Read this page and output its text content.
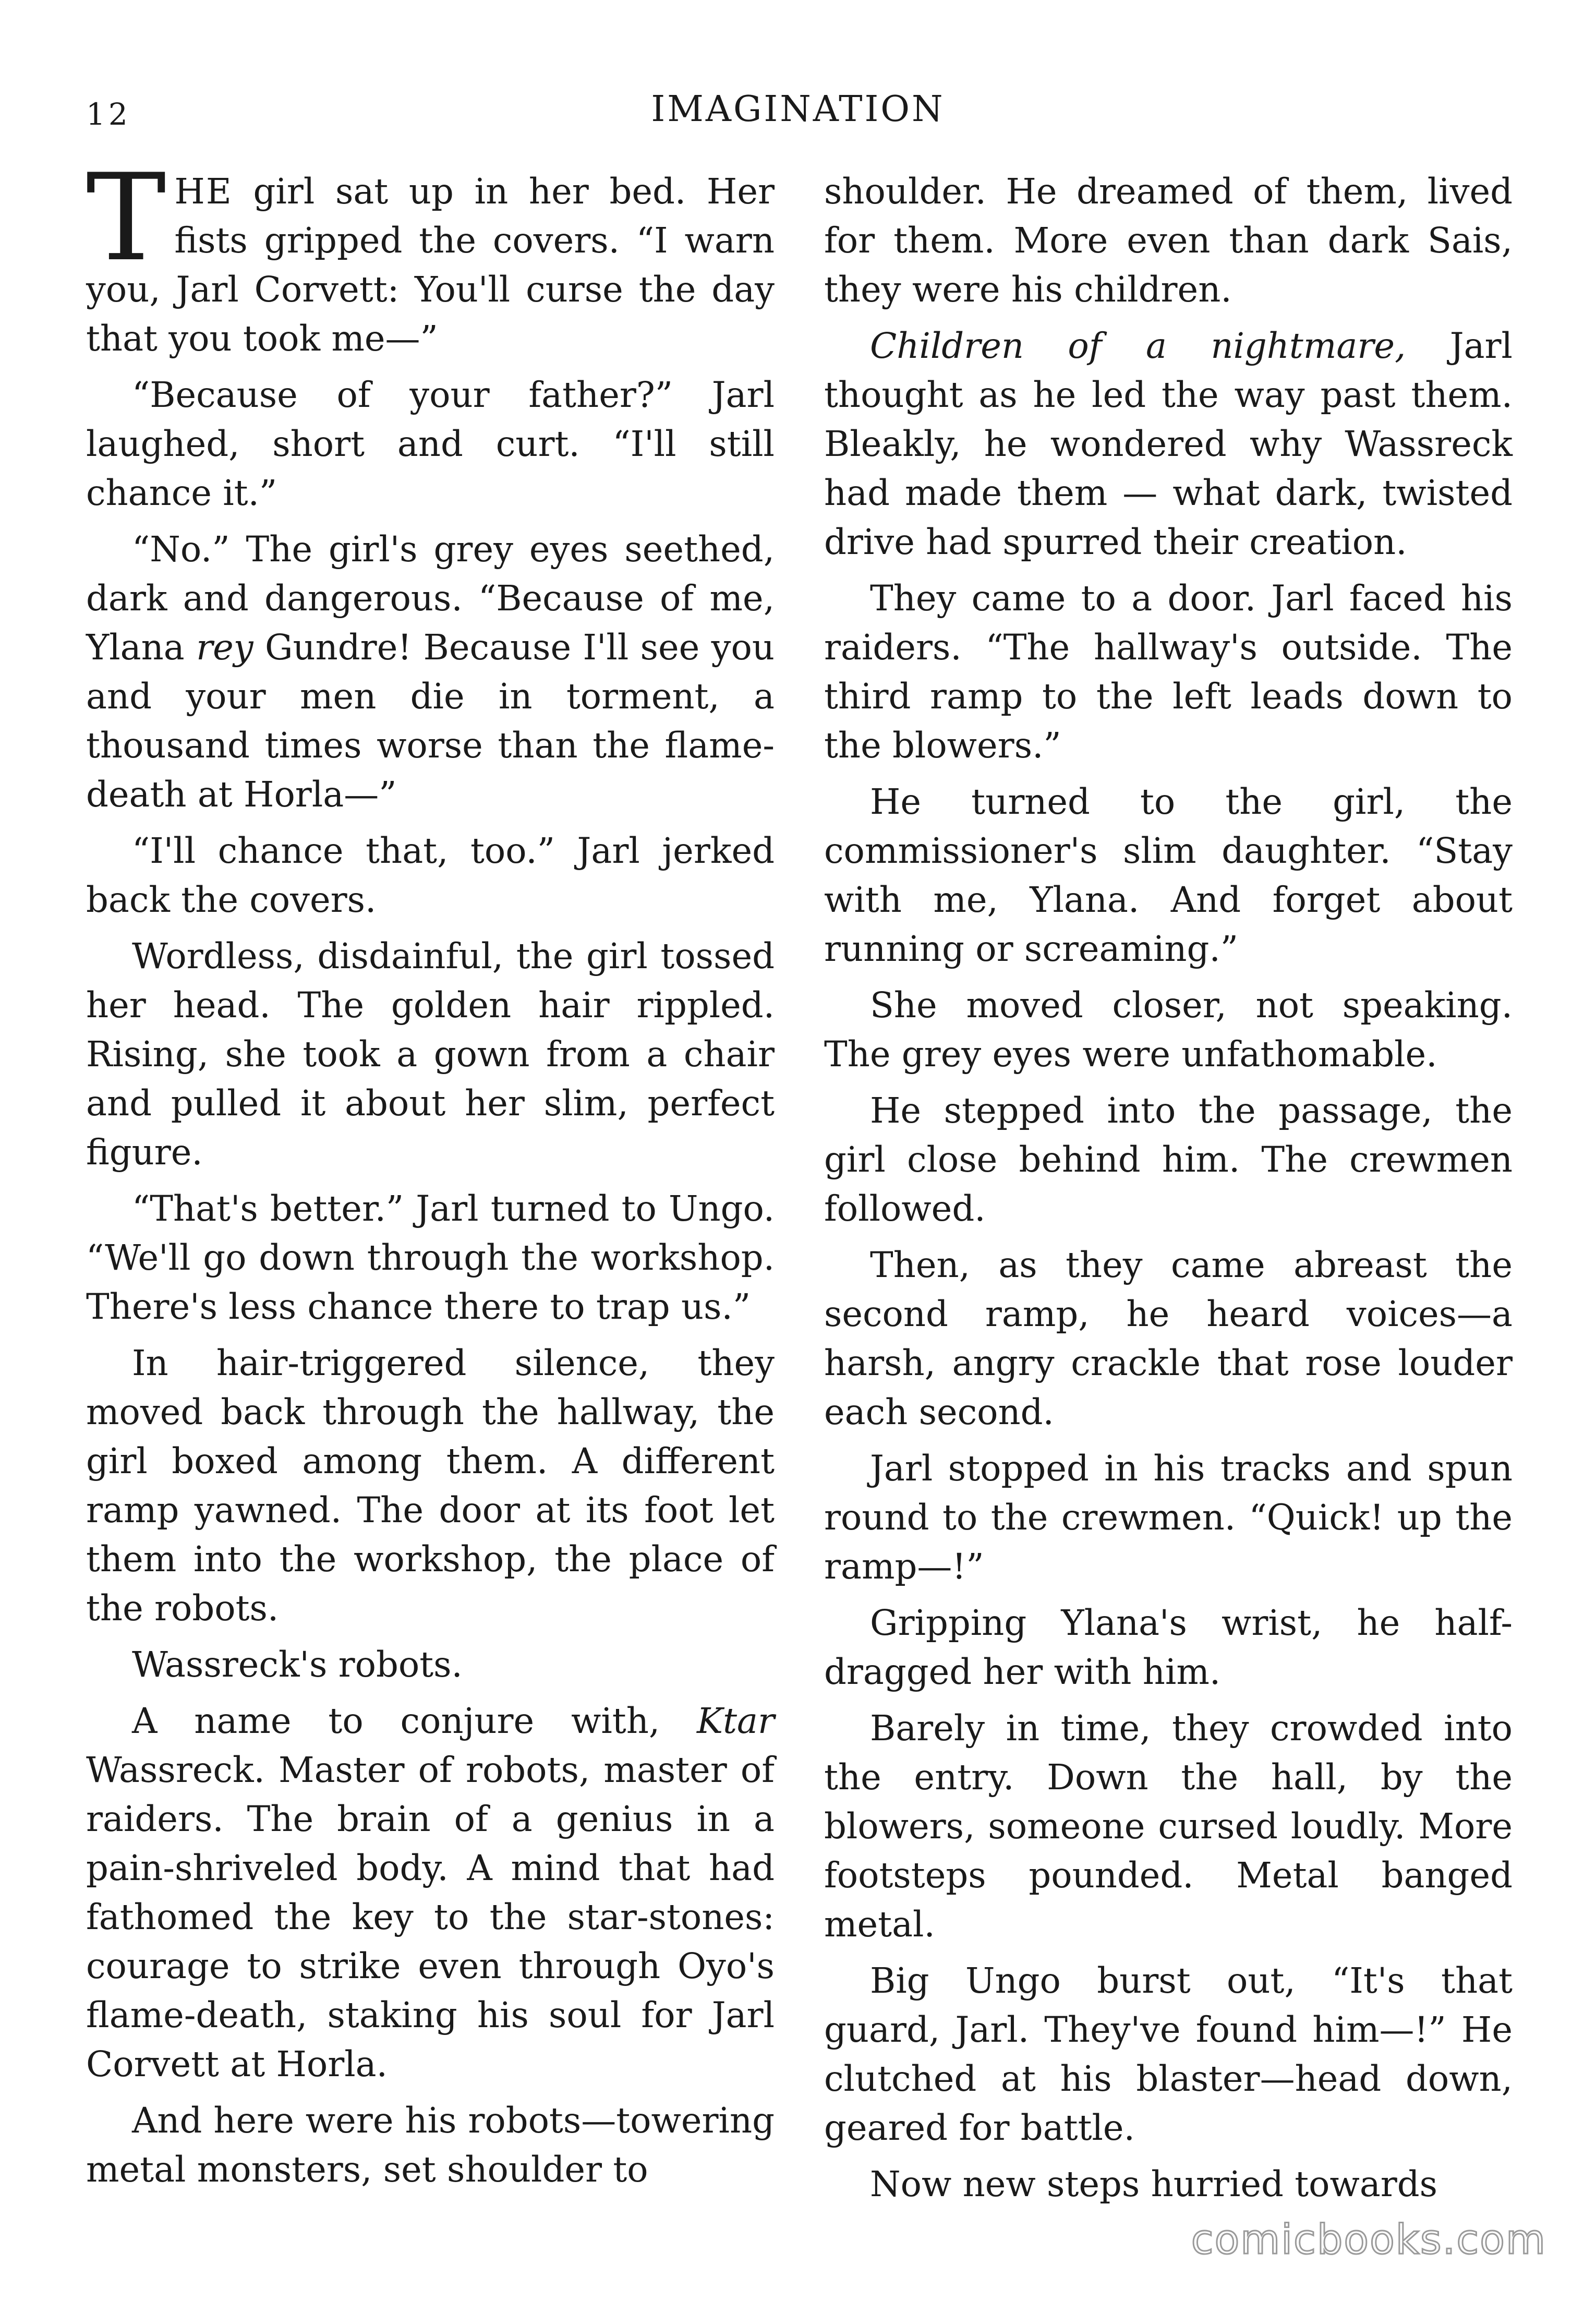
12	IMAGINATION

THE girl sat up in her bed. Her fists gripped the covers. “I warn you, Jarl Corvett: You'll curse the day that you took me—”

“Because of your father?” Jarl laughed, short and curt. “I'll still chance it.”

“No.” The girl's grey eyes seethed, dark and dangerous. “Because of me, Ylana rey Gundre! Because I'll see you and your men die in torment, a thousand times worse than the flame-death at Horla—”

“I'll chance that, too.” Jarl jerked back the covers.

Wordless, disdainful, the girl tossed her head. The golden hair rippled. Rising, she took a gown from a chair and pulled it about her slim, perfect figure.

“That's better.” Jarl turned to Ungo. “We'll go down through the workshop. There's less chance there to trap us.”

In hair-triggered silence, they moved back through the hallway, the girl boxed among them. A different ramp yawned. The door at its foot let them into the workshop, the place of the robots.

Wassreck's robots.

A name to conjure with, Ktar Wassreck. Master of robots, master of raiders. The brain of a genius in a pain-shriveled body. A mind that had fathomed the key to the star-stones: courage to strike even through Oyo's flame-death, staking his soul for Jarl Corvett at Horla.

And here were his robots—towering metal monsters, set shoulder to

shoulder. He dreamed of them, lived for them. More even than dark Sais, they were his children.

Children of a nightmare, Jarl thought as he led the way past them. Bleakly, he wondered why Wassreck had made them — what dark, twisted drive had spurred their creation.

They came to a door. Jarl faced his raiders. “The hallway's outside. The third ramp to the left leads down to the blowers.”

He turned to the girl, the commissioner's slim daughter. “Stay with me, Ylana. And forget about running or screaming.”

She moved closer, not speaking. The grey eyes were unfathomable.

He stepped into the passage, the girl close behind him. The crewmen followed.

Then, as they came abreast the second ramp, he heard voices—a harsh, angry crackle that rose louder each second.

Jarl stopped in his tracks and spun round to the crewmen. “Quick! up the ramp—!”

Gripping Ylana's wrist, he half-dragged her with him.

Barely in time, they crowded into the entry. Down the hall, by the blowers, someone cursed loudly. More footsteps pounded. Metal banged metal.

Big Ungo burst out, “It's that guard, Jarl. They've found him—!” He clutched at his blaster—head down, geared for battle.

Now new steps hurried towards

comicbooks.com
